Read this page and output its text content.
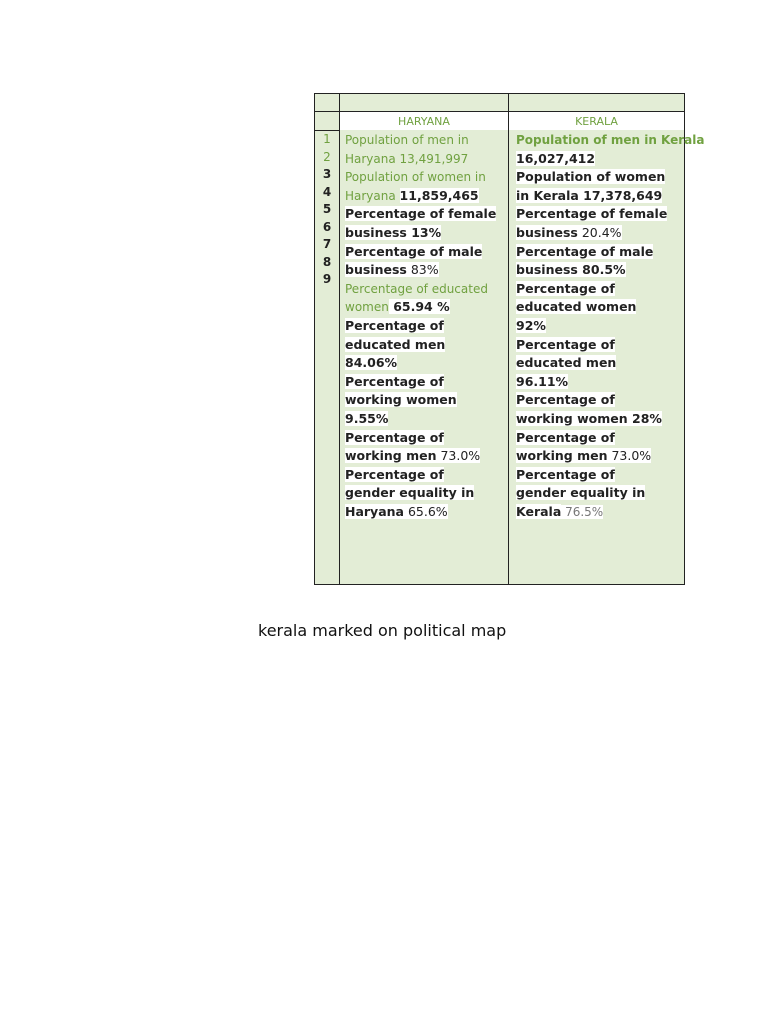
HARYANA	KERALA
1
2
3
4
5
6
7
8
9
Population of men in
Haryana 13,491,997
Population of women in
Haryana 11,859,465
Percentage of female
business 13%
Percentage of male
business 83%
Percentage of educated
women 65.94 %
Percentage of
educated men
84.06%
Percentage of
working women
9.55%
Percentage of
working men 73.0%
Percentage of
gender equality in
Haryana 65.6%
Population of men in Kerala
16,027,412
Population of women
in Kerala 17,378,649
Percentage of female
business 20.4%
Percentage of male
business 80.5%
Percentage of
educated women
92%
Percentage of
educated men
96.11%
Percentage of
working women 28%
Percentage of
working men 73.0%
Percentage of
gender equality in
Kerala 76.5%
kerala marked on political map
